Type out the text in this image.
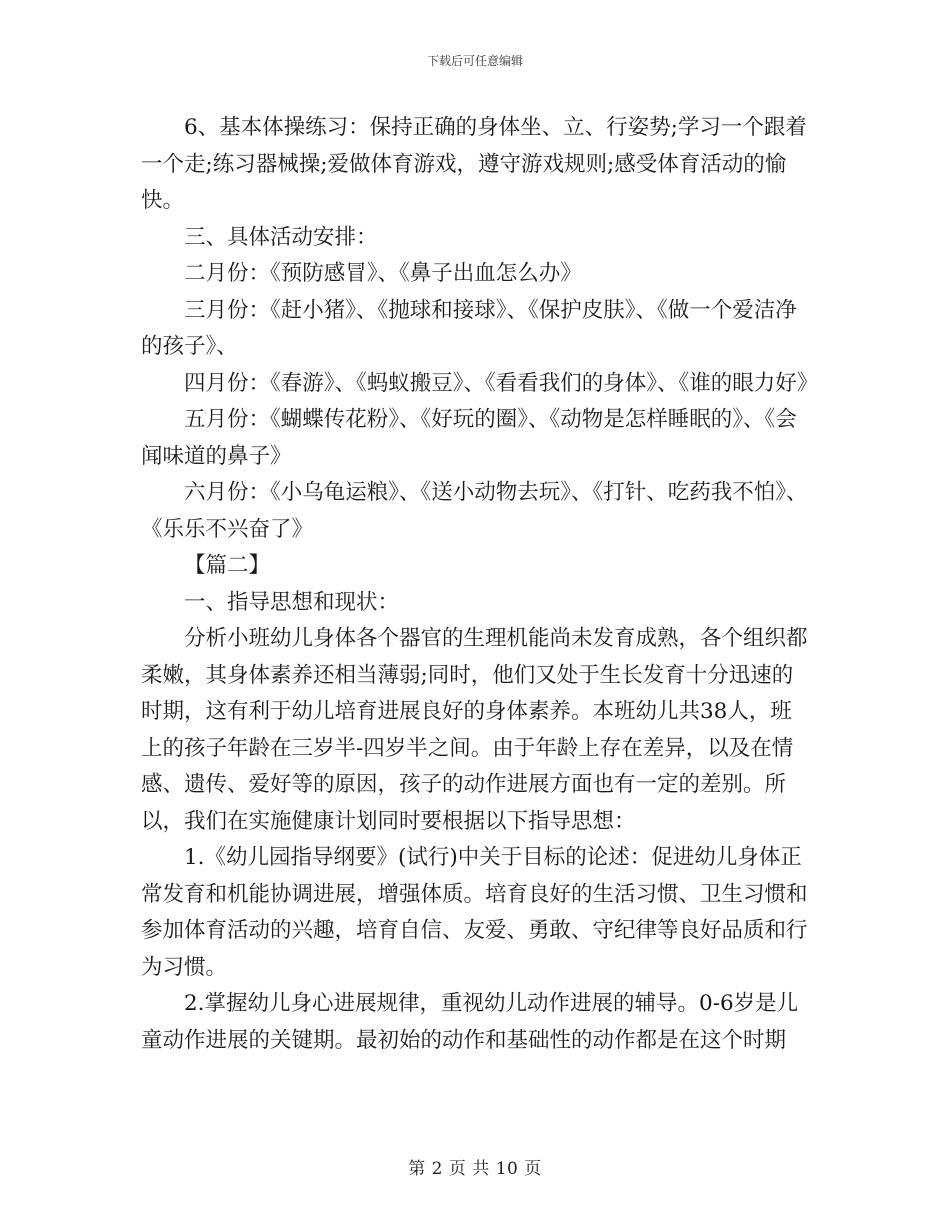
下载后可任意编辑

6、基本体操练习：保持正确的身体坐、立、行姿势;学习一个跟着一个走;练习器械操;爱做体育游戏，遵守游戏规则;感受体育活动的愉快。

三、具体活动安排：

二月份：《预防感冒》、《鼻子出血怎么办》

三月份：《赶小猪》、《抛球和接球》、《保护皮肤》、《做一个爱洁净的孩子》、

四月份：《春游》、《蚂蚁搬豆》、《看看我们的身体》、《谁的眼力好》

五月份：《蝴蝶传花粉》、《好玩的圈》、《动物是怎样睡眠的》、《会闻味道的鼻子》

六月份：《小乌龟运粮》、《送小动物去玩》、《打针、吃药我不怕》、《乐乐不兴奋了》

【篇二】

一、指导思想和现状：

分析小班幼儿身体各个器官的生理机能尚未发育成熟，各个组织都柔嫩，其身体素养还相当薄弱;同时，他们又处于生长发育十分迅速的时期，这有利于幼儿培育进展良好的身体素养。本班幼儿共38人，班上的孩子年龄在三岁半-四岁半之间。由于年龄上存在差异，以及在情感、遗传、爱好等的原因，孩子的动作进展方面也有一定的差别。所以，我们在实施健康计划同时要根据以下指导思想：

1.《幼儿园指导纲要》(试行)中关于目标的论述：促进幼儿身体正常发育和机能协调进展，增强体质。培育良好的生活习惯、卫生习惯和参加体育活动的兴趣，培育自信、友爱、勇敢、守纪律等良好品质和行为习惯。

2.掌握幼儿身心进展规律，重视幼儿动作进展的辅导。0-6岁是儿童动作进展的关键期。最初始的动作和基础性的动作都是在这个时期

第 2 页 共 10 页
